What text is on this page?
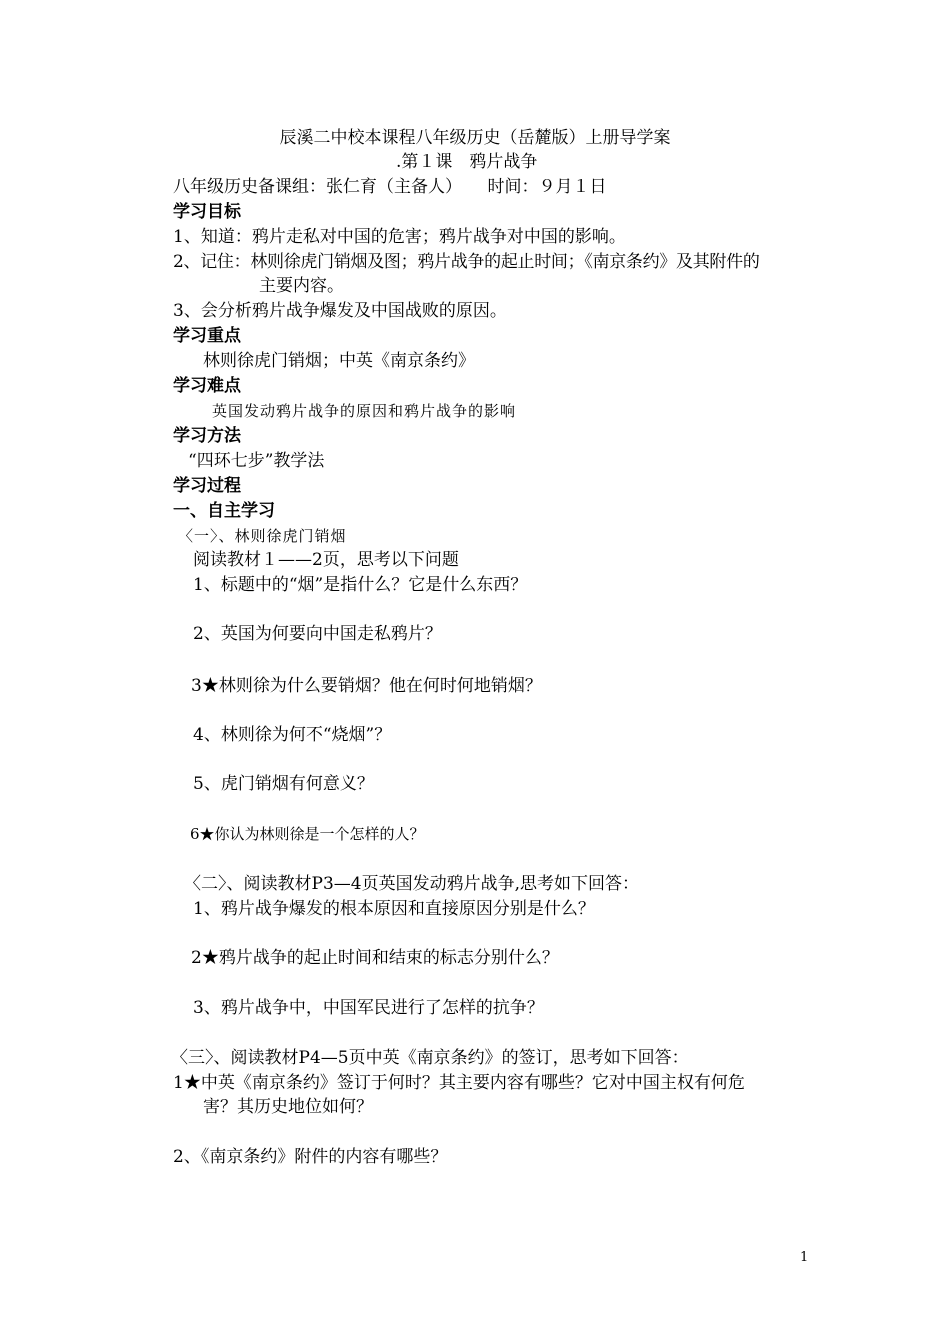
辰溪二中校本课程八年级历史（岳麓版）上册导学案
.第１课　鸦片战争
八年级历史备课组：张仁育（主备人）　　时间：９月１日
学习目标
1、知道：鸦片走私对中国的危害；鸦片战争对中国的影响。
2、记住：林则徐虎门销烟及图；鸦片战争的起止时间；《南京条约》及其附件的
主要内容。
3、会分析鸦片战争爆发及中国战败的原因。
学习重点
林则徐虎门销烟；中英《南京条约》
学习难点
英国发动鸦片战争的原因和鸦片战争的影响
学习方法
“四环七步”教学法
学习过程
一、自主学习
〈一〉、林则徐虎门销烟
阅读教材１——2页，思考以下问题
1、标题中的“烟”是指什么？它是什么东西？
2、英国为何要向中国走私鸦片？
3★林则徐为什么要销烟？他在何时何地销烟？
4、林则徐为何不“烧烟”？
5、虎门销烟有何意义？
6★你认为林则徐是一个怎样的人？
〈二〉、阅读教材P3—4页英国发动鸦片战争,思考如下回答：
1、鸦片战争爆发的根本原因和直接原因分别是什么？
2★鸦片战争的起止时间和结束的标志分别什么？
3、鸦片战争中，中国军民进行了怎样的抗争？
〈三〉、阅读教材P4—5页中英《南京条约》的签订，思考如下回答：
1★中英《南京条约》签订于何时？其主要内容有哪些？它对中国主权有何危
害？其历史地位如何？
2、《南京条约》附件的内容有哪些？
1
